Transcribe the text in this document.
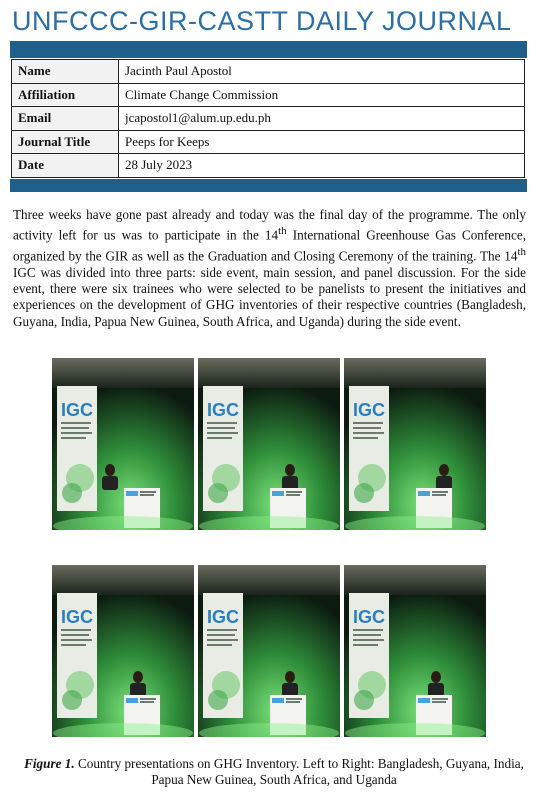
UNFCCC-GIR-CASTT DAILY JOURNAL
Name	Jacinth Paul Apostol
Affiliation	Climate Change Commission
Email	jcapostol1@alum.up.edu.ph
Journal Title	Peeps for Keeps
Date	28 July 2023
Three weeks have gone past already and today was the final day of the programme. The only activity left for us was to participate in the 14th International Greenhouse Gas Conference, organized by the GIR as well as the Graduation and Closing Ceremony of the training. The 14th IGC was divided into three parts: side event, main session, and panel discussion. For the side event, there were six trainees who were selected to be panelists to present the initiatives and experiences on the development of GHG inventories of their respective countries (Bangladesh, Guyana, India, Papua New Guinea, South Africa, and Uganda) during the side event.
IGC	IGC	IGC
IGC	IGC	IGC
Figure 1. Country presentations on GHG Inventory. Left to Right: Bangladesh, Guyana, India, Papua New Guinea, South Africa, and Uganda
